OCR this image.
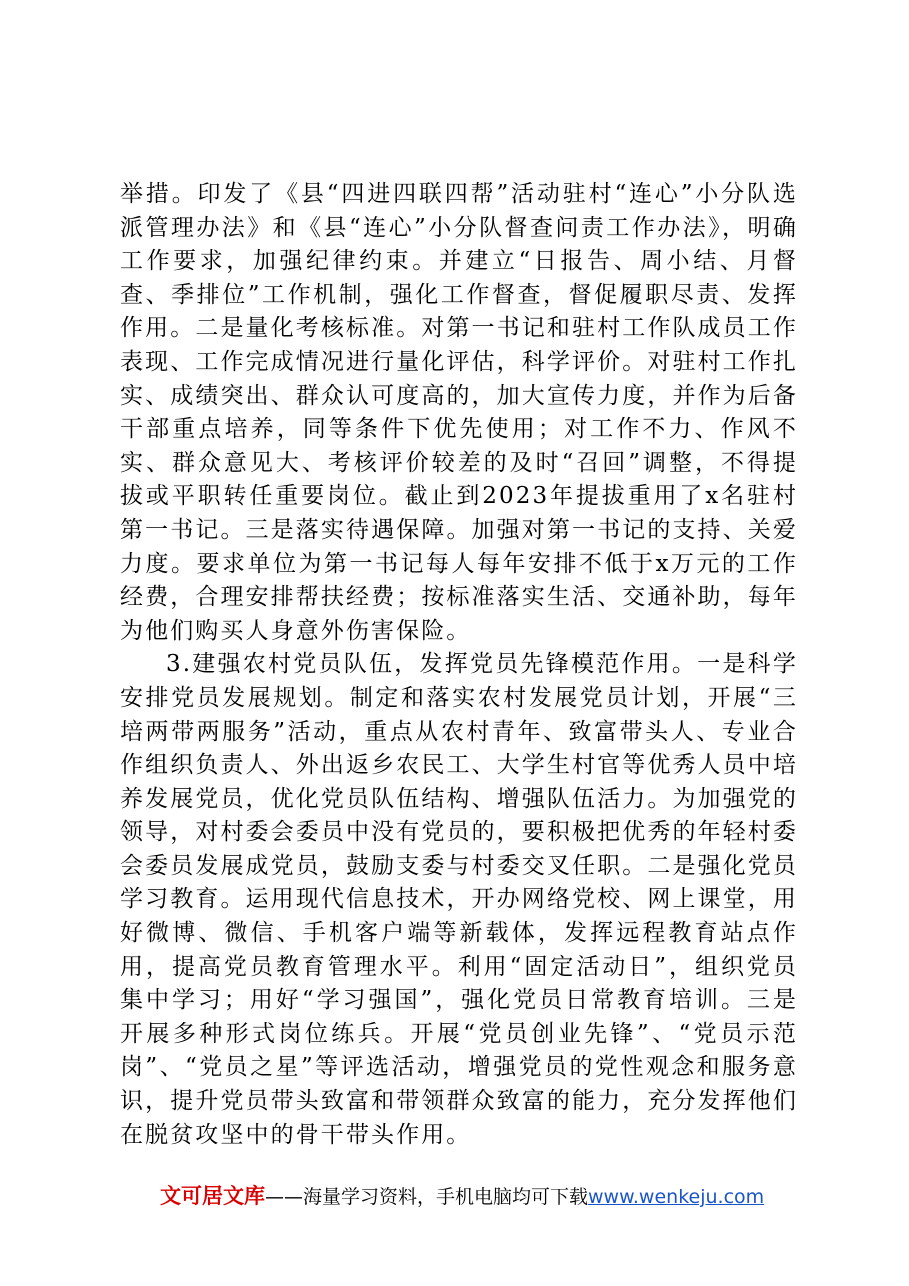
举措。印发了《县“四进四联四帮”活动驻村“连心”小分队选派管理办法》和《县“连心”小分队督查问责工作办法》，明确工作要求，加强纪律约束。并建立“日报告、周小结、月督查、季排位”工作机制，强化工作督查，督促履职尽责、发挥作用。二是量化考核标准。对第一书记和驻村工作队成员工作表现、工作完成情况进行量化评估，科学评价。对驻村工作扎实、成绩突出、群众认可度高的，加大宣传力度，并作为后备干部重点培养，同等条件下优先使用；对工作不力、作风不实、群众意见大、考核评价较差的及时“召回”调整，不得提拔或平职转任重要岗位。截止到2023年提拔重用了x名驻村第一书记。三是落实待遇保障。加强对第一书记的支持、关爱力度。要求单位为第一书记每人每年安排不低于x万元的工作经费，合理安排帮扶经费；按标准落实生活、交通补助，每年为他们购买人身意外伤害保险。

3.建强农村党员队伍，发挥党员先锋模范作用。一是科学安排党员发展规划。制定和落实农村发展党员计划，开展“三培两带两服务”活动，重点从农村青年、致富带头人、专业合作组织负责人、外出返乡农民工、大学生村官等优秀人员中培养发展党员，优化党员队伍结构、增强队伍活力。为加强党的领导，对村委会委员中没有党员的，要积极把优秀的年轻村委会委员发展成党员，鼓励支委与村委交叉任职。二是强化党员学习教育。运用现代信息技术，开办网络党校、网上课堂，用好微博、微信、手机客户端等新载体，发挥远程教育站点作用，提高党员教育管理水平。利用“固定活动日”，组织党员集中学习；用好“学习强国”，强化党员日常教育培训。三是开展多种形式岗位练兵。开展“党员创业先锋”、“党员示范岗”、“党员之星”等评选活动，增强党员的党性观念和服务意识，提升党员带头致富和带领群众致富的能力，充分发挥他们在脱贫攻坚中的骨干带头作用。

文可居文库——海量学习资料，手机电脑均可下载www.wenkeju.com
